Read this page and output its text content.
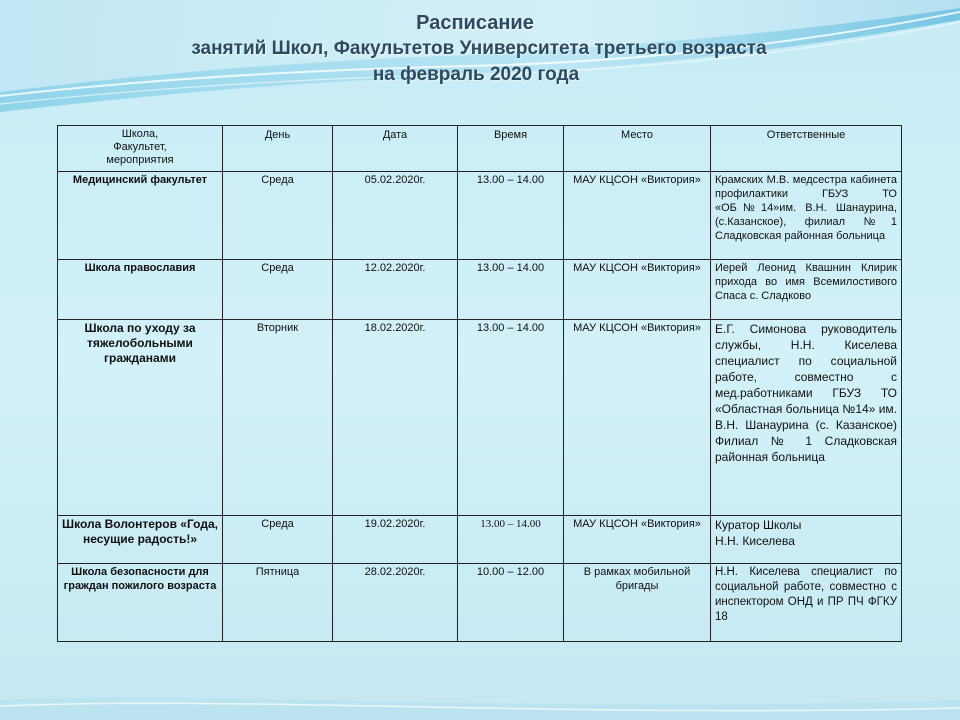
Расписание
занятий Школ, Факультетов Университета третьего возраста
на февраль 2020 года
Школа,
Факультет,
мероприятия	День	Дата	Время	Место	Ответственные
Медицинский факультет	Среда	05.02.2020г.	13.00 – 14.00	МАУ КЦСОН «Виктория»	Крамских М.В. медсестра кабинета профилактики ГБУЗ ТО «ОБ№14»им. В.Н. Шанаурина, (с.Казанское), филиал №1 Сладковская районная больница
Школа православия	Среда	12.02.2020г.	13.00 – 14.00	МАУ КЦСОН «Виктория»	Иерей Леонид Квашнин Клирик прихода во имя Всемилостивого Спаса с. Сладково
Школа по уходу за тяжелобольными гражданами	Вторник	18.02.2020г.	13.00 – 14.00	МАУ КЦСОН «Виктория»	Е.Г. Симонова руководитель службы, Н.Н. Киселева специалист по социальной работе, совместно с мед.работниками ГБУЗ ТО «Областная больница №14» им. В.Н. Шанаурина (с. Казанское) Филиал № 1 Сладковская районная больница
Школа Волонтеров «Года, несущие радость!»	Среда	19.02.2020г.	13.00 – 14.00	МАУ КЦСОН «Виктория»	Куратор Школы
Н.Н. Киселева
Школа безопасности для граждан пожилого возраста	Пятница	28.02.2020г.	10.00 – 12.00	В рамках мобильной бригады	Н.Н. Киселева специалист по социальной работе, совместно с инспектором ОНД и ПР ПЧ ФГКУ 18
